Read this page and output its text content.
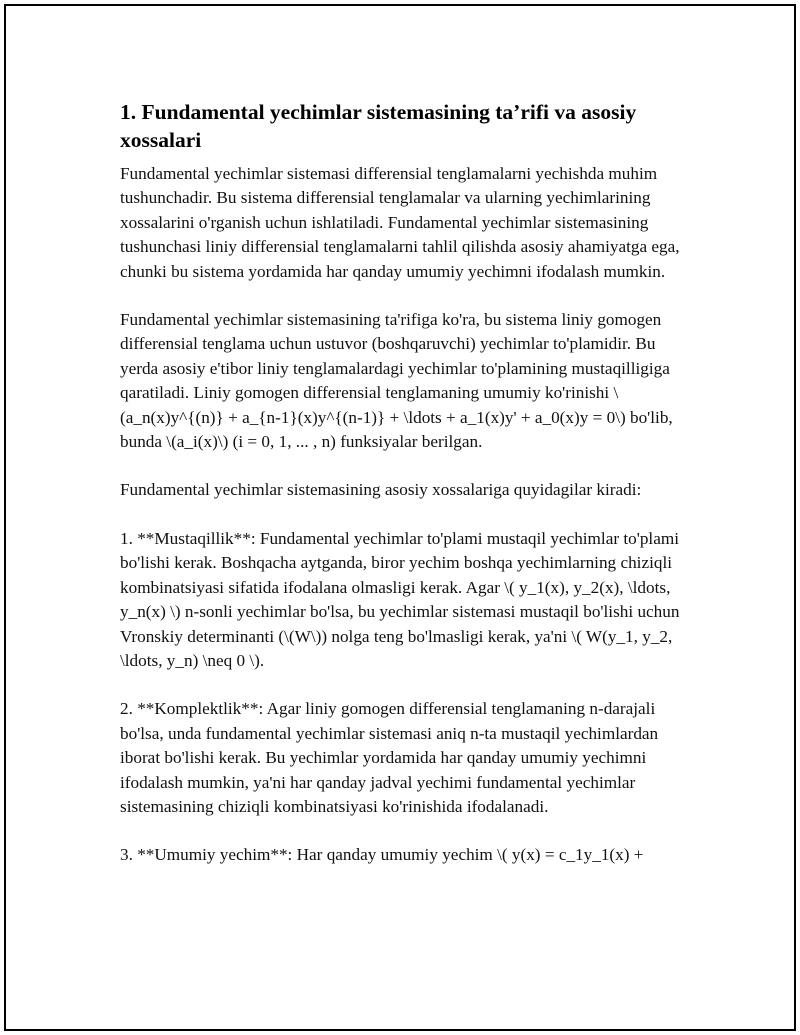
1. Fundamental yechimlar sistemasining ta’rifi va asosiy xossalari

Fundamental yechimlar sistemasi differensial tenglamalarni yechishda muhim tushunchadir. Bu sistema differensial tenglamalar va ularning yechimlarining xossalarini o'rganish uchun ishlatiladi. Fundamental yechimlar sistemasining tushunchasi liniy differensial tenglamalarni tahlil qilishda asosiy ahamiyatga ega, chunki bu sistema yordamida har qanday umumiy yechimni ifodalash mumkin.

Fundamental yechimlar sistemasining ta'rifiga ko'ra, bu sistema liniy gomogen differensial tenglama uchun ustuvor (boshqaruvchi) yechimlar to'plamidir. Bu yerda asosiy e'tibor liniy tenglamalardagi yechimlar to'plamining mustaqilligiga qaratiladi. Liniy gomogen differensial tenglamaning umumiy ko'rinishi \(a_n(x)y^{(n)} + a_{n-1}(x)y^{(n-1)} + \ldots + a_1(x)y' + a_0(x)y = 0\) bo'lib, bunda \(a_i(x)\) (i = 0, 1, ... , n) funksiyalar berilgan.

Fundamental yechimlar sistemasining asosiy xossalariga quyidagilar kiradi:

1. **Mustaqillik**: Fundamental yechimlar to'plami mustaqil yechimlar to'plami bo'lishi kerak. Boshqacha aytganda, biror yechim boshqa yechimlarning chiziqli kombinatsiyasi sifatida ifodalana olmasligi kerak. Agar \( y_1(x), y_2(x), \ldots, y_n(x) \) n-sonli yechimlar bo'lsa, bu yechimlar sistemasi mustaqil bo'lishi uchun Vronskiy determinanti (\(W\)) nolga teng bo'lmasligi kerak, ya'ni \( W(y_1, y_2, \ldots, y_n) \neq 0 \).

2. **Komplektlik**: Agar liniy gomogen differensial tenglamaning n-darajali bo'lsa, unda fundamental yechimlar sistemasi aniq n-ta mustaqil yechimlardan iborat bo'lishi kerak. Bu yechimlar yordamida har qanday umumiy yechimni ifodalash mumkin, ya'ni har qanday jadval yechimi fundamental yechimlar sistemasining chiziqli kombinatsiyasi ko'rinishida ifodalanadi.

3. **Umumiy yechim**: Har qanday umumiy yechim \( y(x) = c_1y_1(x) +
